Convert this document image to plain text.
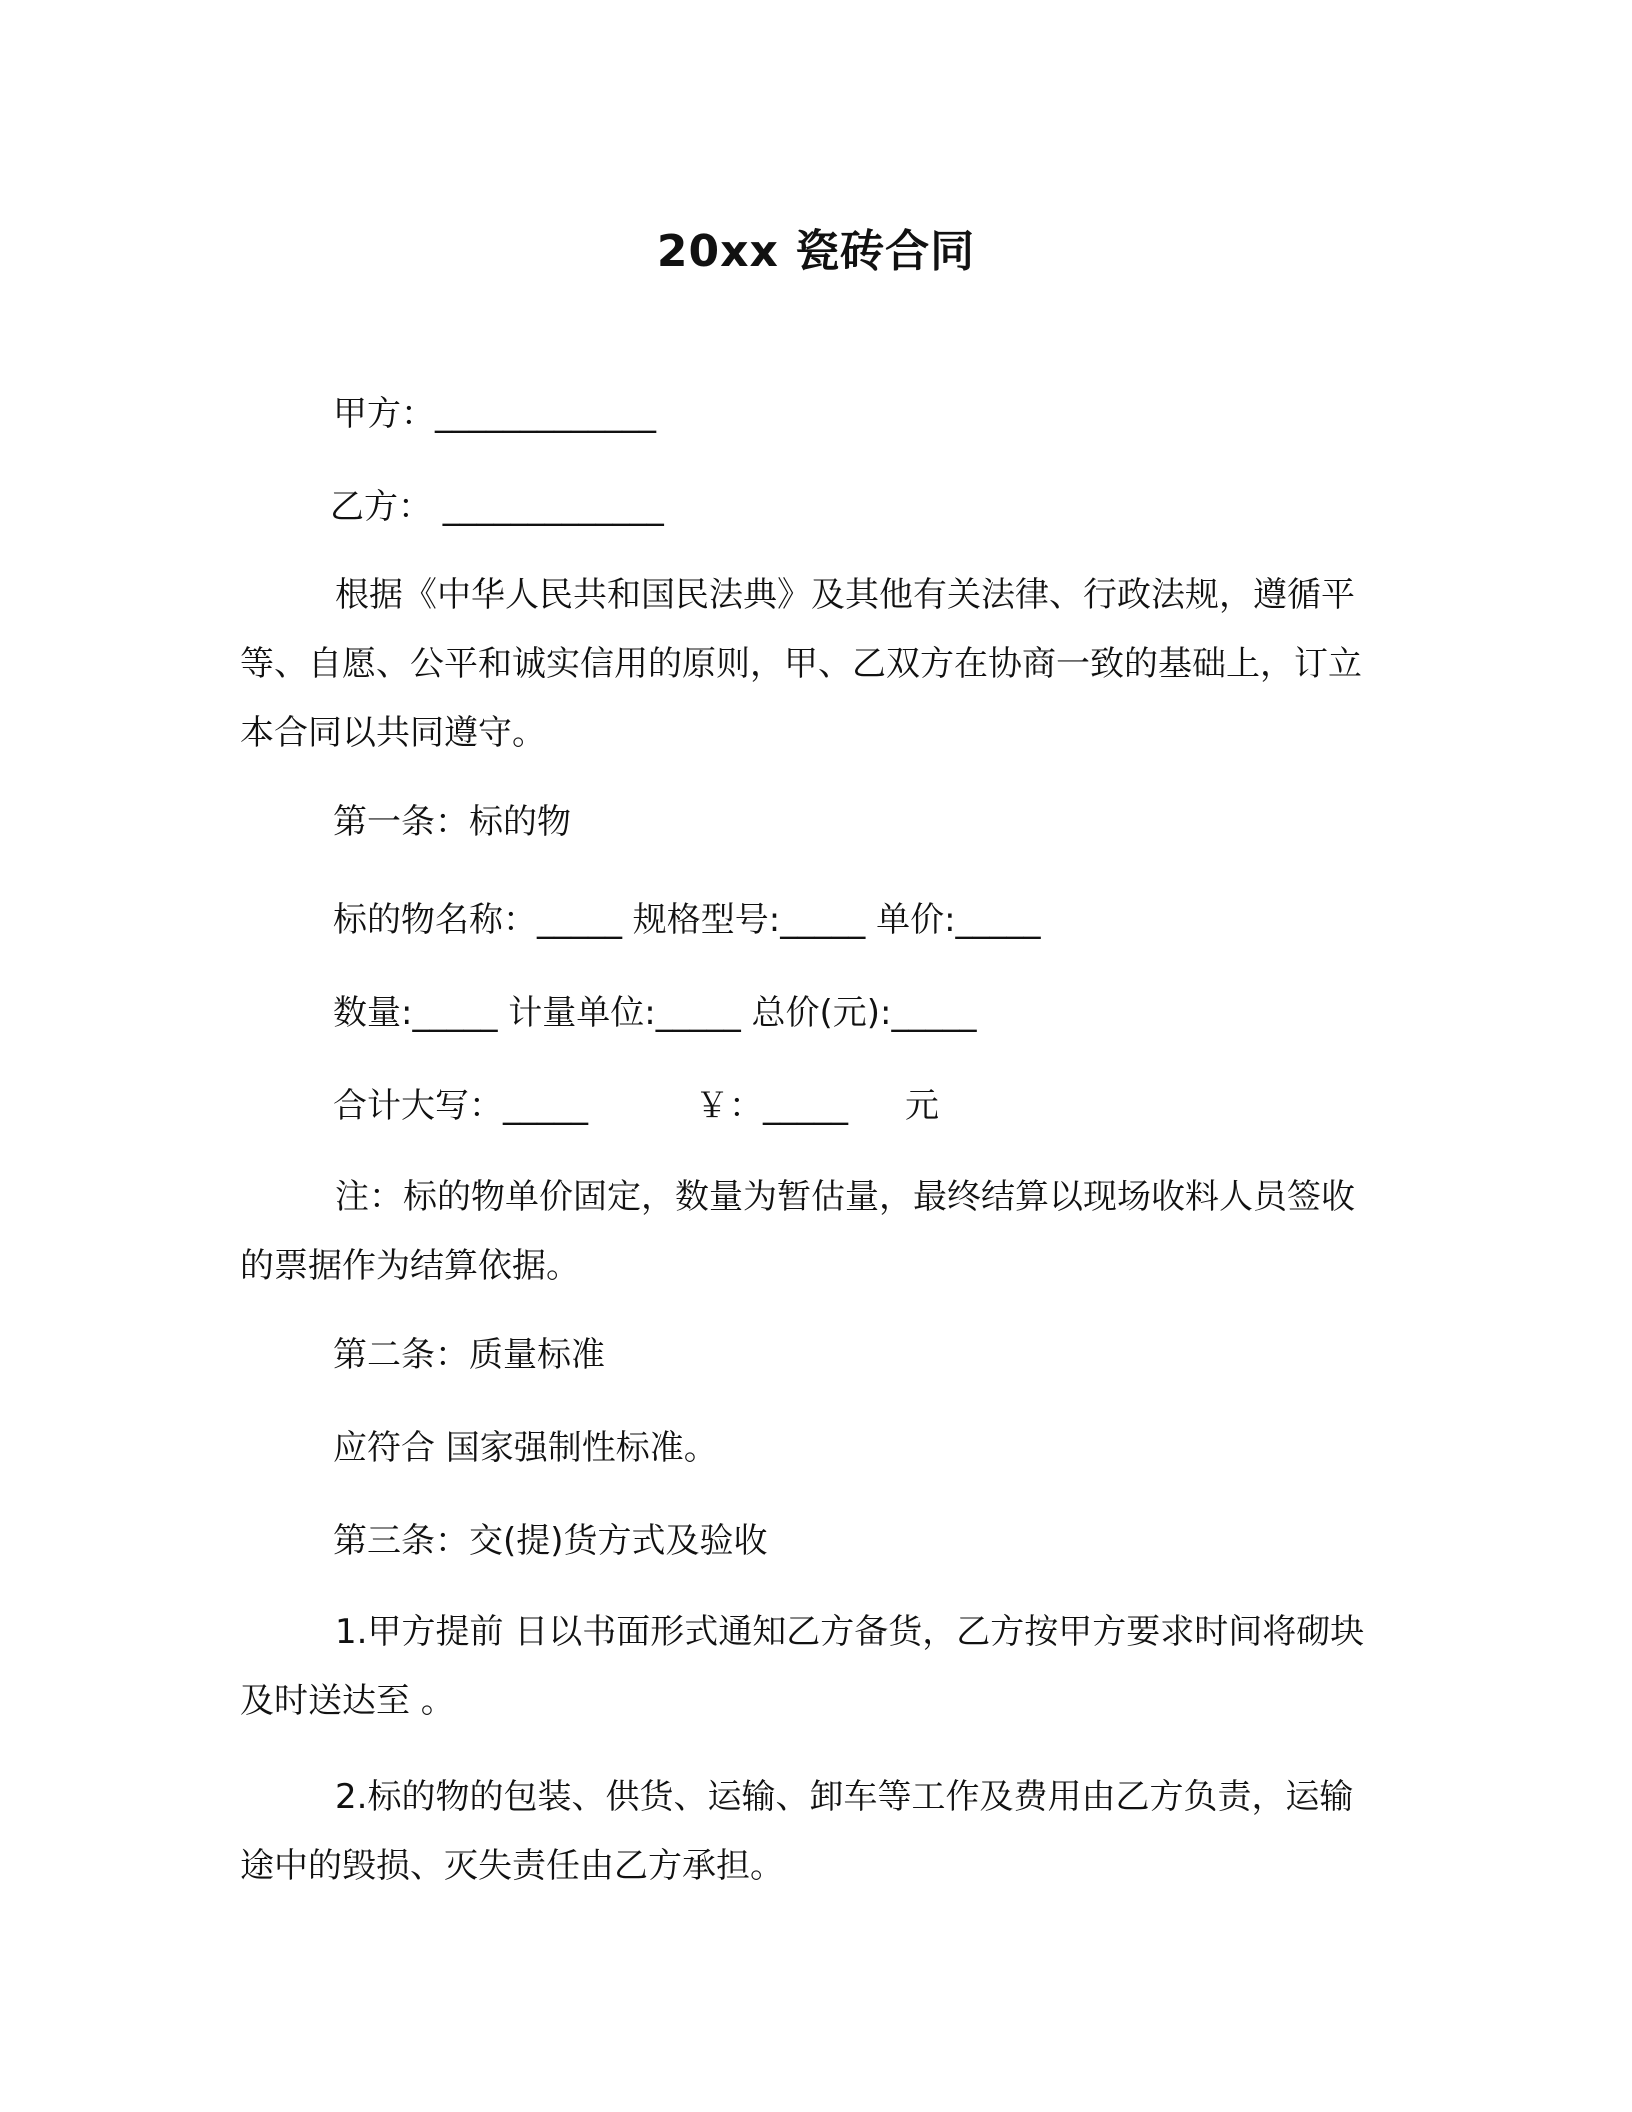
20xx 瓷砖合同
甲方：_____________
乙方： _____________
根据《中华人民共和国民法典》及其他有关法律、行政法规，遵循平等、自愿、公平和诚实信用的原则，甲、乙双方在协商一致的基础上，订立本合同以共同遵守。
第一条：标的物
标的物名称：_____ 规格型号:_____ 单价:_____
数量:_____ 计量单位:_____ 总价(元):_____
合计大写：_____	￥：_____ 元
注：标的物单价固定，数量为暂估量，最终结算以现场收料人员签收的票据作为结算依据。
第二条：质量标准
应符合 国家强制性标准。
第三条：交(提)货方式及验收
1.甲方提前 日以书面形式通知乙方备货，乙方按甲方要求时间将砌块及时送达至 。
2.标的物的包装、供货、运输、卸车等工作及费用由乙方负责，运输途中的毁损、灭失责任由乙方承担。
